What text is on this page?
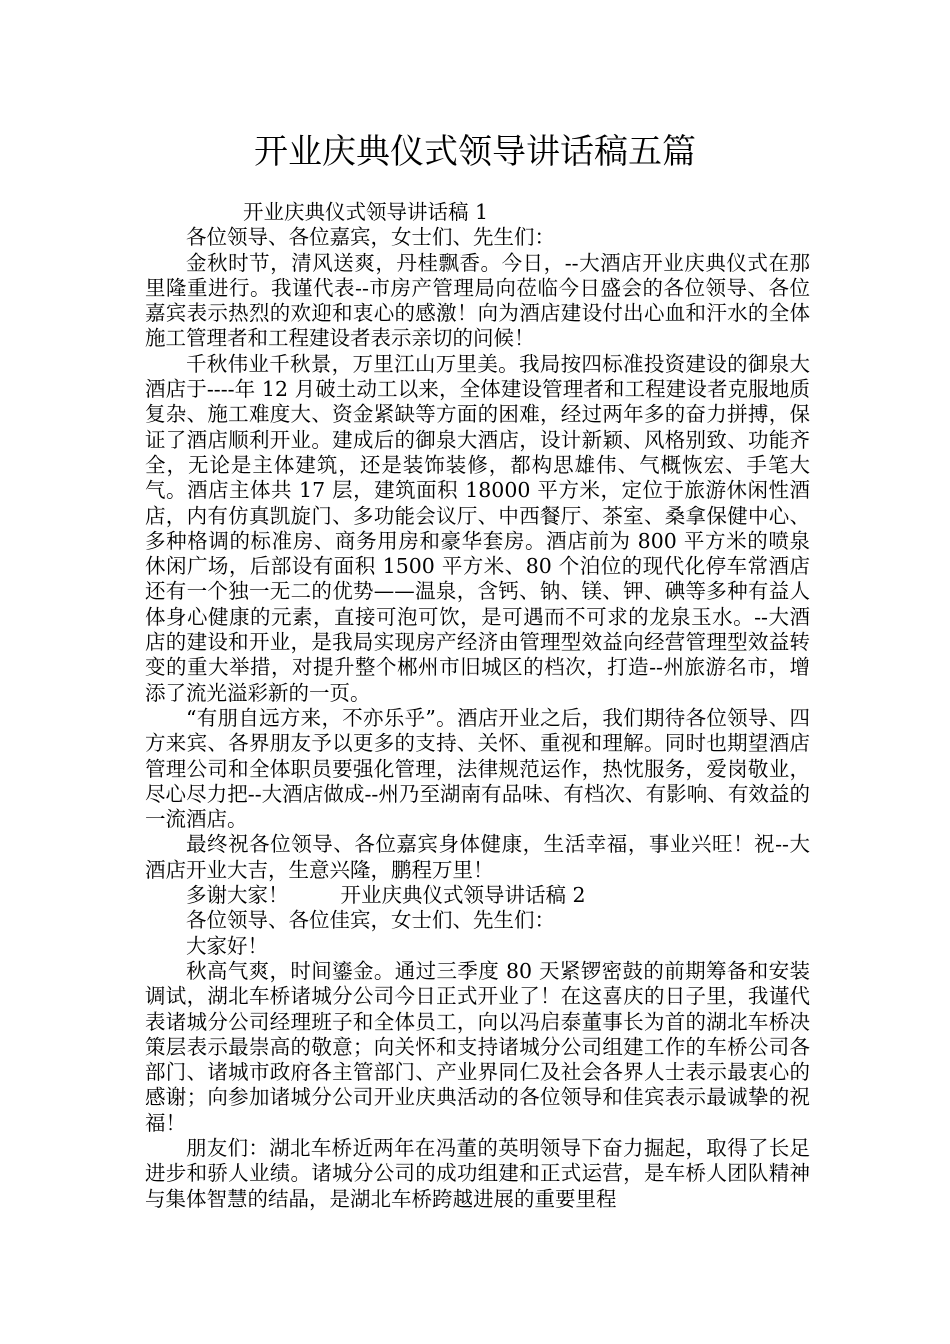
开业庆典仪式领导讲话稿五篇

开业庆典仪式领导讲话稿 1

各位领导、各位嘉宾，女士们、先生们：

金秋时节，清风送爽，丹桂飘香。今日，--大酒店开业庆典仪式在那里隆重进行。我谨代表--市房产管理局向莅临今日盛会的各位领导、各位嘉宾表示热烈的欢迎和衷心的感激！向为酒店建设付出心血和汗水的全体施工管理者和工程建设者表示亲切的问候！

千秋伟业千秋景，万里江山万里美。我局按四标准投资建设的御泉大酒店于----年 12 月破土动工以来，全体建设管理者和工程建设者克服地质复杂、施工难度大、资金紧缺等方面的困难，经过两年多的奋力拼搏，保证了酒店顺利开业。建成后的御泉大酒店，设计新颖、风格别致、功能齐全，无论是主体建筑，还是装饰装修，都构思雄伟、气概恢宏、手笔大气。酒店主体共 17 层，建筑面积 18000 平方米，定位于旅游休闲性酒店，内有仿真凯旋门、多功能会议厅、中西餐厅、茶室、桑拿保健中心、多种格调的标准房、商务用房和豪华套房。酒店前为 800 平方米的喷泉休闲广场，后部设有面积 1500 平方米、80 个泊位的现代化停车常酒店还有一个独一无二的优势——温泉，含钙、钠、镁、钾、碘等多种有益人体身心健康的元素，直接可泡可饮，是可遇而不可求的龙泉玉水。--大酒店的建设和开业，是我局实现房产经济由管理型效益向经营管理型效益转变的重大举措，对提升整个郴州市旧城区的档次，打造--州旅游名市，增添了流光溢彩新的一页。

“有朋自远方来，不亦乐乎”。酒店开业之后，我们期待各位领导、四方来宾、各界朋友予以更多的支持、关怀、重视和理解。同时也期望酒店管理公司和全体职员要强化管理，法律规范运作，热忱服务，爱岗敬业，尽心尽力把--大酒店做成--州乃至湖南有品味、有档次、有影响、有效益的一流酒店。

最终祝各位领导、各位嘉宾身体健康，生活幸福，事业兴旺！祝--大酒店开业大吉，生意兴隆，鹏程万里！

多谢大家！	开业庆典仪式领导讲话稿 2

各位领导、各位佳宾，女士们、先生们：

大家好！

秋高气爽，时间鎏金。通过三季度 80 天紧锣密鼓的前期筹备和安装调试，湖北车桥诸城分公司今日正式开业了！在这喜庆的日子里，我谨代表诸城分公司经理班子和全体员工，向以冯启泰董事长为首的湖北车桥决策层表示最崇高的敬意；向关怀和支持诸城分公司组建工作的车桥公司各部门、诸城市政府各主管部门、产业界同仁及社会各界人士表示最衷心的感谢；向参加诸城分公司开业庆典活动的各位领导和佳宾表示最诚挚的祝福！

朋友们：湖北车桥近两年在冯董的英明领导下奋力掘起，取得了长足进步和骄人业绩。诸城分公司的成功组建和正式运营，是车桥人团队精神与集体智慧的结晶，是湖北车桥跨越进展的重要里程
